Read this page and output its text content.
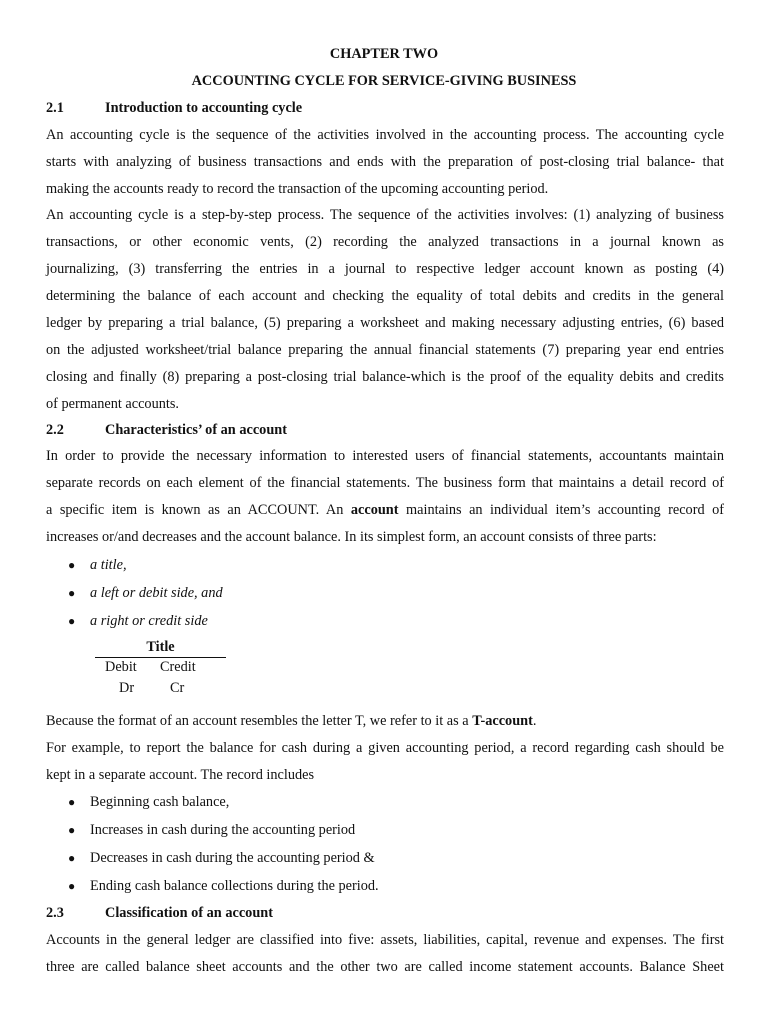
CHAPTER TWO
ACCOUNTING CYCLE FOR SERVICE-GIVING BUSINESS
2.1	Introduction to accounting cycle
An accounting cycle is the sequence of the activities involved in the accounting process. The accounting cycle
starts with analyzing of business transactions and ends with the preparation of post-closing trial balance- that
making the accounts ready to record the transaction of the upcoming accounting period.
An accounting cycle is a step-by-step process. The sequence of the activities involves: (1) analyzing of business
transactions, or other economic vents, (2) recording the analyzed transactions in a journal known as
journalizing, (3) transferring the entries in a journal to respective ledger account known as posting (4)
determining the balance of each account and checking the equality of total debits and credits in the general
ledger by preparing a trial balance, (5) preparing a worksheet and making necessary adjusting entries, (6) based
on the adjusted worksheet/trial balance preparing the annual financial statements (7) preparing year end entries
closing and finally (8) preparing a post-closing trial balance-which is the proof of the equality debits and credits
of permanent accounts.
2.2	Characteristics’ of an account
In order to provide the necessary information to interested users of financial statements, accountants maintain
separate records on each element of the financial statements. The business form that maintains a detail record of
a specific item is known as an ACCOUNT. An account maintains an individual item’s accounting record of
increases or/and decreases and the account balance. In its simplest form, an account consists of three parts:
● a title,
● a left or debit side, and
● a right or credit side
Title
Debit Credit
Dr	Cr
Because the format of an account resembles the letter T, we refer to it as a T-account.
For example, to report the balance for cash during a given accounting period, a record regarding cash should be
kept in a separate account. The record includes
● Beginning cash balance,
● Increases in cash during the accounting period
● Decreases in cash during the accounting period &
● Ending cash balance collections during the period.
2.3	Classification of an account
Accounts in the general ledger are classified into five: assets, liabilities, capital, revenue and expenses. The first
three are called balance sheet accounts and the other two are called income statement accounts. Balance Sheet
